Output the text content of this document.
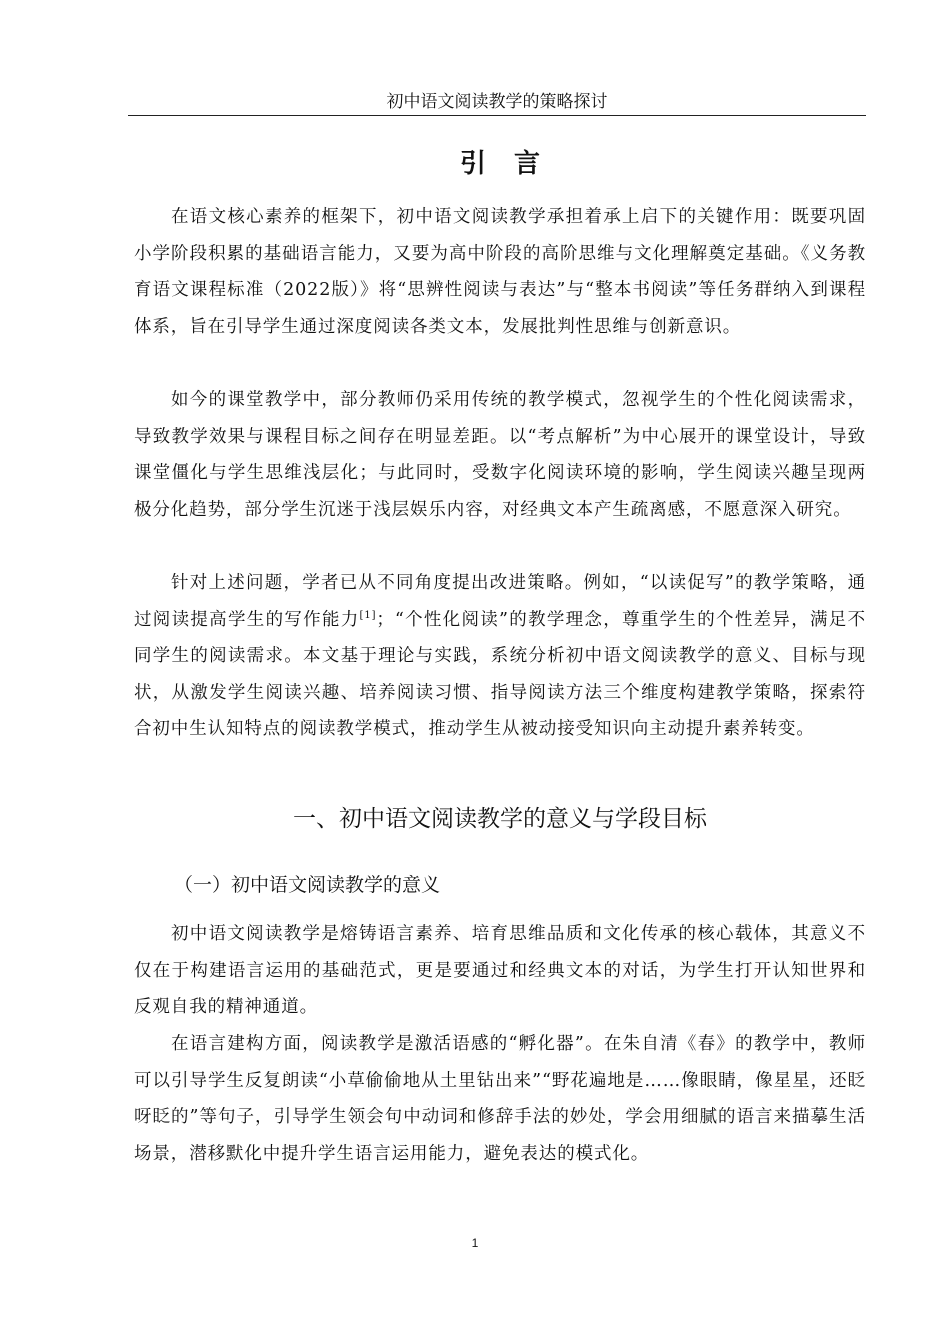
初中语文阅读教学的策略探讨
引言

在语文核心素养的框架下，初中语文阅读教学承担着承上启下的关键作用：既要巩固小学阶段积累的基础语言能力，又要为高中阶段的高阶思维与文化理解奠定基础。《义务教育语文课程标准（2022版）》将“思辨性阅读与表达”与“整本书阅读”等任务群纳入到课程体系，旨在引导学生通过深度阅读各类文本，发展批判性思维与创新意识。

如今的课堂教学中，部分教师仍采用传统的教学模式，忽视学生的个性化阅读需求，导致教学效果与课程目标之间存在明显差距。以“考点解析”为中心展开的课堂设计，导致课堂僵化与学生思维浅层化；与此同时，受数字化阅读环境的影响，学生阅读兴趣呈现两极分化趋势，部分学生沉迷于浅层娱乐内容，对经典文本产生疏离感，不愿意深入研究。

针对上述问题，学者已从不同角度提出改进策略。例如，“以读促写”的教学策略，通过阅读提高学生的写作能力[1]；“个性化阅读”的教学理念，尊重学生的个性差异，满足不同学生的阅读需求。本文基于理论与实践，系统分析初中语文阅读教学的意义、目标与现状，从激发学生阅读兴趣、培养阅读习惯、指导阅读方法三个维度构建教学策略，探索符合初中生认知特点的阅读教学模式，推动学生从被动接受知识向主动提升素养转变。

一、初中语文阅读教学的意义与学段目标
（一）初中语文阅读教学的意义

初中语文阅读教学是熔铸语言素养、培育思维品质和文化传承的核心载体，其意义不仅在于构建语言运用的基础范式，更是要通过和经典文本的对话，为学生打开认知世界和反观自我的精神通道。

在语言建构方面，阅读教学是激活语感的“孵化器”。在朱自清《春》的教学中，教师可以引导学生反复朗读“小草偷偷地从土里钻出来”“野花遍地是……像眼睛，像星星，还眨呀眨的”等句子，引导学生领会句中动词和修辞手法的妙处，学会用细腻的语言来描摹生活场景，潜移默化中提升学生语言运用能力，避免表达的模式化。

1
